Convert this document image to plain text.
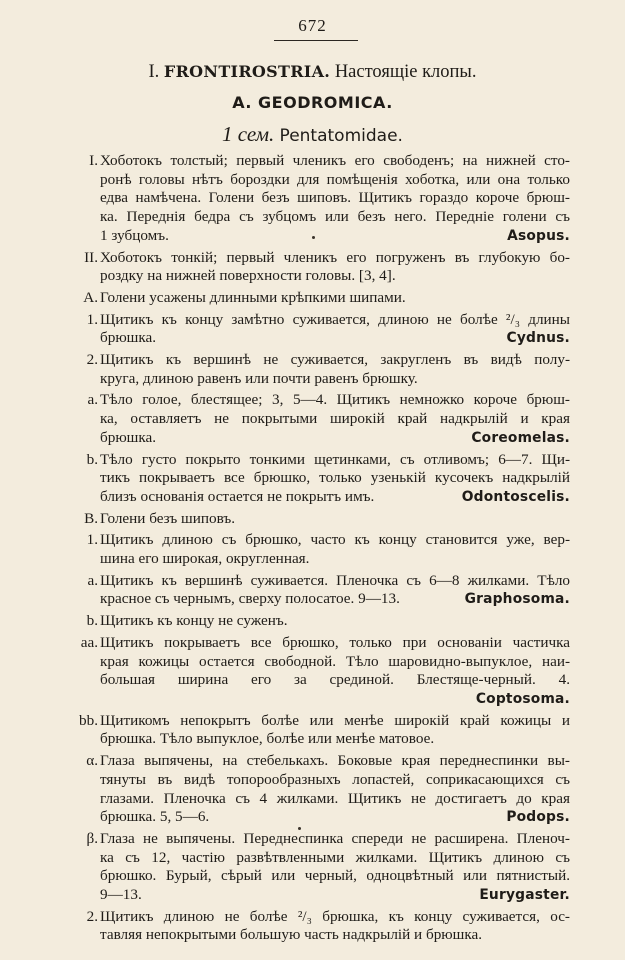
672
I. FRONTIROSTRIA. Настоящіе клопы.
A. GEODROMICA.
1 сем. Pentatomidae.
I. Хоботокъ толстый; первый членикъ его свободенъ; на нижней сто-
ронѣ головы нѣтъ бороздки для помѣщенія хоботка, или она только
едва намѣчена. Голени безъ шиповъ. Щитикъ гораздо короче брюш-
ка. Переднія бедра съ зубцомъ или безъ него. Передніе голени съ
1 зубцомъ.	Asopus.
II. Хоботокъ тонкій; первый членикъ его погруженъ въ глубокую бо-
роздку на нижней поверхности головы. [3, 4].
A. Голени усажены длинными крѣпкими шипами.
1. Щитикъ къ концу замѣтно суживается, длиною не болѣе ²/₃ длины
брюшка.	Cydnus.
2. Щитикъ къ вершинѣ не суживается, закругленъ въ видѣ полу-
круга, длиною равенъ или почти равенъ брюшку.
a. Тѣло голое, блестящее; 3, 5—4. Щитикъ немножко короче брюш-
ка, оставляетъ не покрытыми широкій край надкрылій и края
брюшка.	Coreomelas.
b. Тѣло густо покрыто тонкими щетинками, съ отливомъ; 6—7. Щи-
тикъ покрываетъ все брюшко, только узенькій кусочекъ надкрылій
близъ основанія остается не покрытъ имъ.	Odontoscelis.
B. Голени безъ шиповъ.
1. Щитикъ длиною съ брюшко, часто къ концу становится уже, вер-
шина его широкая, округленная.
a. Щитикъ къ вершинѣ суживается. Пленочка съ 6—8 жилками. Тѣло
красное съ чернымъ, сверху полосатое. 9—13.	Graphosoma.
b. Щитикъ къ концу не суженъ.
aa. Щитикъ покрываетъ все брюшко, только при основаніи частичка
края кожицы остается свободной. Тѣло шаровидно-выпуклое, наи-
большая ширина его за срединой. Блестяще-черный. 4.
Coptosoma.
bb. Щитикомъ непокрытъ болѣе или менѣе широкій край кожицы и
брюшка. Тѣло выпуклое, болѣе или менѣе матовое.
α. Глаза выпячены, на стебелькахъ. Боковые края переднеспинки вы-
тянуты въ видѣ топорообразныхъ лопастей, соприкасающихся съ
глазами. Пленочка съ 4 жилками. Щитикъ не достигаетъ до края
брюшка. 5, 5—6.	Podops.
β. Глаза не выпячены. Переднеспинка спереди не расширена. Пленоч-
ка съ 12, частію развѣтвленными жилками. Щитикъ длиною съ
брюшко. Бурый, сѣрый или черный, одноцвѣтный или пятнистый.
9—13.	Eurygaster.
2. Щитикъ длиною не болѣе ²/₃ брюшка, къ концу суживается, ос-
тавляя непокрытыми большую часть надкрылій и брюшка.
